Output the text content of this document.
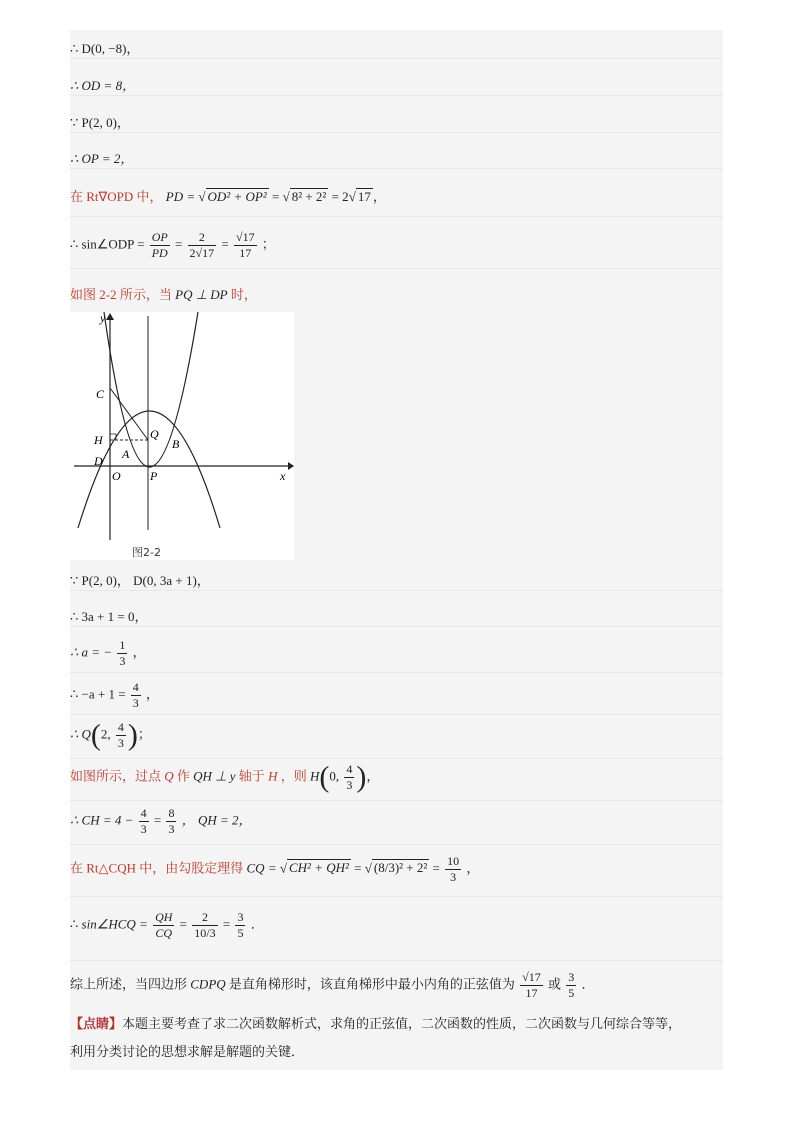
∴ D(0, −8)，
∴ OD = 8，
∵ P(2, 0)，
∴ OP = 2，
在 Rt∇OPD 中， PD = √ OD² + OP² = √ 8² + 2² = 2√ 17 ，
∴ sin∠ODP = $\frac{OP}{PD} = \frac{2}{2√17} = \frac{√17}{17}$ ；
如图 2-2 所示，当 PQ ⊥ DP 时，
y
x
C
H
D
O
A
P
Q
B
图2-2
∵ P(2, 0)， D(0, 3a + 1)，
∴ 3a + 1 = 0，
∴ a = − $\frac{1}{3}$ ，
∴ $-a + 1 = \frac{4}{3}$ ，
∴ Q(2, $\frac{4}{3}$ )；
如图所示，过点 Q 作 QH ⊥ y 轴于 H ，则 H(0, $\frac{4}{3}$ )，
∴ CH = $4 - \frac{4}{3} = \frac{8}{3}$ ， QH = 2，
在 Rt△CQH 中，由勾股定理得 CQ = √ CH² + QH² = √ $(8/3)^2 + 2^2 = \frac{10}{3}$ ，
∴ sin∠HCQ = $\frac{QH}{CQ} = \frac{2}{10/3} = \frac{3}{5}$ ．
综上所述，当四边形 CDPQ 是直角梯形时，该直角梯形中最小内角的正弦值为 $\frac{√17}{17}$ 或 $\frac{3}{5}$ ．
【点睛】本题主要考查了求二次函数解析式，求角的正弦值，二次函数的性质，二次函数与几何综合等等，
利用分类讨论的思想求解是解题的关键．
